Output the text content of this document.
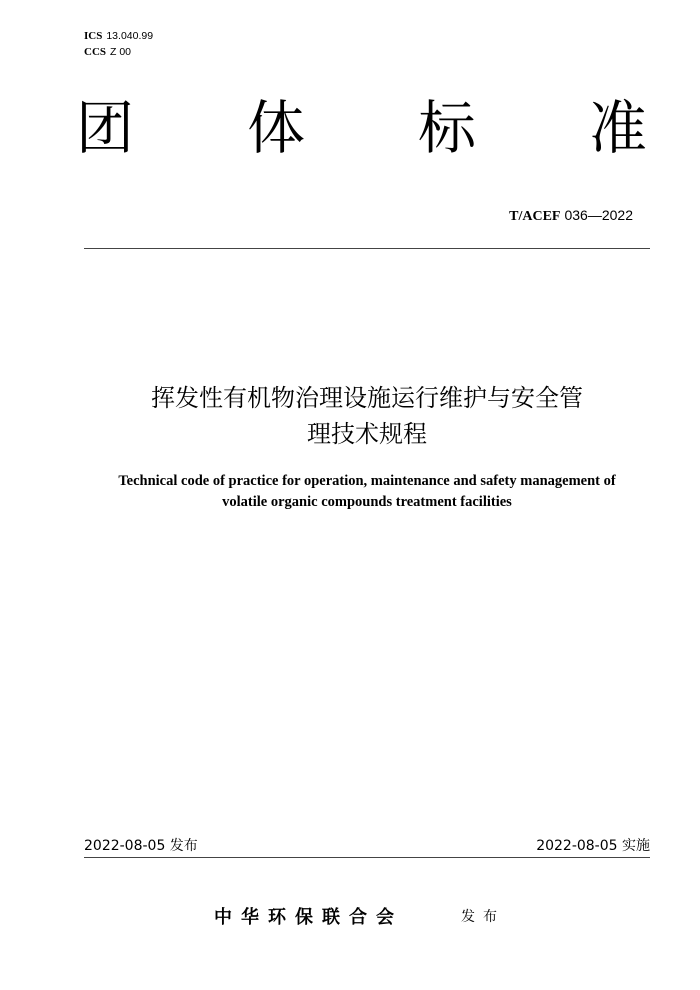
ICS 13.040.99
CCS Z 00
团 体 标 准
T/ACEF 036—2022
挥发性有机物治理设施运行维护与安全管
理技术规程
Technical code of practice for operation, maintenance and safety management of
volatile organic compounds treatment facilities
2022-08-05 发布	2022-08-05 实施
中华环保联合会	发布
